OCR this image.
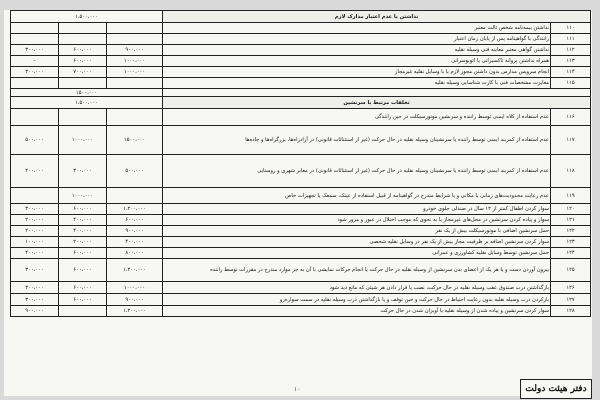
۱،۵۰۰،۰۰۰			نداشتن یا عدم اعتبار مدارک لازم	
			نداشتن بیمه‌نامه شخص ثالث معتبر	۱۱۰
			رانندگی با گواهینامه پس از پایان زمان اعتبار	۱۱۱
۳۰۰،۰۰۰	۶۰۰،۰۰۰	۹۰۰،۰۰۰	نداشتن گواهی معتبر معاینه فنی وسیله نقلیه	۱۱۲
–	۶۰۰،۰۰۰	۱۰۰۰،۰۰۰	همراه نداشتن پروانه تاکسیرانی یا اتوبوسرانی	۱۱۳
۳۰۰،۰۰۰	۷۰۰،۰۰۰	۱۰۰۰،۰۰۰	انجام سرویس مدارس بدون داشتن مجوز لازم یا با وسایل نقلیه غیرمجاز	۱۱۴
			مغایرت مشخصات فنی با کارت شناسایی وسیله نقلیه	۱۱۵
۱۵۰۰،۰۰۰				
۱،۵۰۰،۰۰۰			تخلفات مرتبط با سرنشین	
			عدم استفاده از کلاه ایمنی توسط راننده و سرنشین موتورسیکلت در حین رانندگی	۱۱۶
۵۰۰،۰۰۰	۱۰۰۰،۰۰۰	۱۵۰۰،۰۰۰	عدم استفاده از کمربند ایمنی توسط راننده یا سرنشینان وسیله نقلیه در حال حرکت (غیر از استثنائات قانونی) در آزادراه‌ها، بزرگراه‌ها و جاده‌ها	۱۱۷
۲۰۰،۰۰۰	۳۰۰،۰۰۰	۵۰۰،۰۰۰	عدم استفاده از کمربند ایمنی توسط راننده یا سرنشینان وسیله نقلیه در حال حرکت (غیر از استثنائات قانونی) در معابر شهری و روستایی	۱۱۸
	۱۰۰۰،۰۰۰		عدم رعایت محدودیت‌های زمانی یا مکانی و یا شرایط مندرج در گواهینامه از قبیل استفاده از عینک، سمعک یا تجهیزات خاص	۱۱۹
۳۰۰،۰۰۰	۶۰۰،۰۰۰	۱،۲۰۰،۰۰۰	سوار کردن اطفال کمتر از ۱۲ سال در صندلی جلوی خودرو	۱۲۰
۲۰۰،۰۰۰	۴۰۰،۰۰۰	۶۰۰،۰۰۰	سوار و پیاده کردن سرنشین در محل‌های غیرمجاز یا به نحوی که موجب اختلال در عبور و مرور شود	۱۲۱
۲۰۰،۰۰۰	۴۰۰،۰۰۰	۹۰۰،۰۰۰	حمل سرنشین اضافی با موتورسیکلت بیش از یک نفر	۱۲۲
۱۰۰،۰۰۰	۲۰۰،۰۰۰	۴۰۰،۰۰۰	سوار کردن سرنشین اضافه بر ظرفیت مجاز بیش از یک نفر در وسایل نقلیه شخصی	۱۲۳
۴۰۰،۰۰۰	۶۰۰،۰۰۰	۸۰۰،۰۰۰	حمل سرنشین توسط وسایل نقلیه کشاورزی و عمرانی	۱۲۴
۳۰۰،۰۰۰	۶۰۰،۰۰۰	۱،۲۰۰،۰۰۰	بیرون آوردن دست و یا هر یک از اعضای بدن سرنشین از وسیله نقلیه در حال حرکت یا انجام حرکات نمایشی با آن به جز موارد مندرج در مقررات توسط راننده	۱۲۵
۳۰۰،۰۰۰	۶۰۰،۰۰۰	۱۰۰۰،۰۰۰	بازگذاشتن درب صندوق عقب وسیله نقلیه در حال حرکت، نصب یا قرار دادن هر شیئی که مانع دید شود	۱۲۶
۳۰۰،۰۰۰	۶۰۰،۰۰۰	۹۰۰،۰۰۰	بازکردن درب وسیله نقلیه بدون رعایت احتیاط در حال حرکت و حین توقف و یا بازگذاشتن درب وسیله نقلیه در سمت سواره‌رو	۱۲۷
۹۰۰،۰۰۰		۱،۲۰۰،۰۰۰	سوار کردن سرنشین و پیاده شدن از وسیله نقلیه یا آویزان شدن در حال حرکت	۱۲۸
۱۰	دفتر هیئت دولت
